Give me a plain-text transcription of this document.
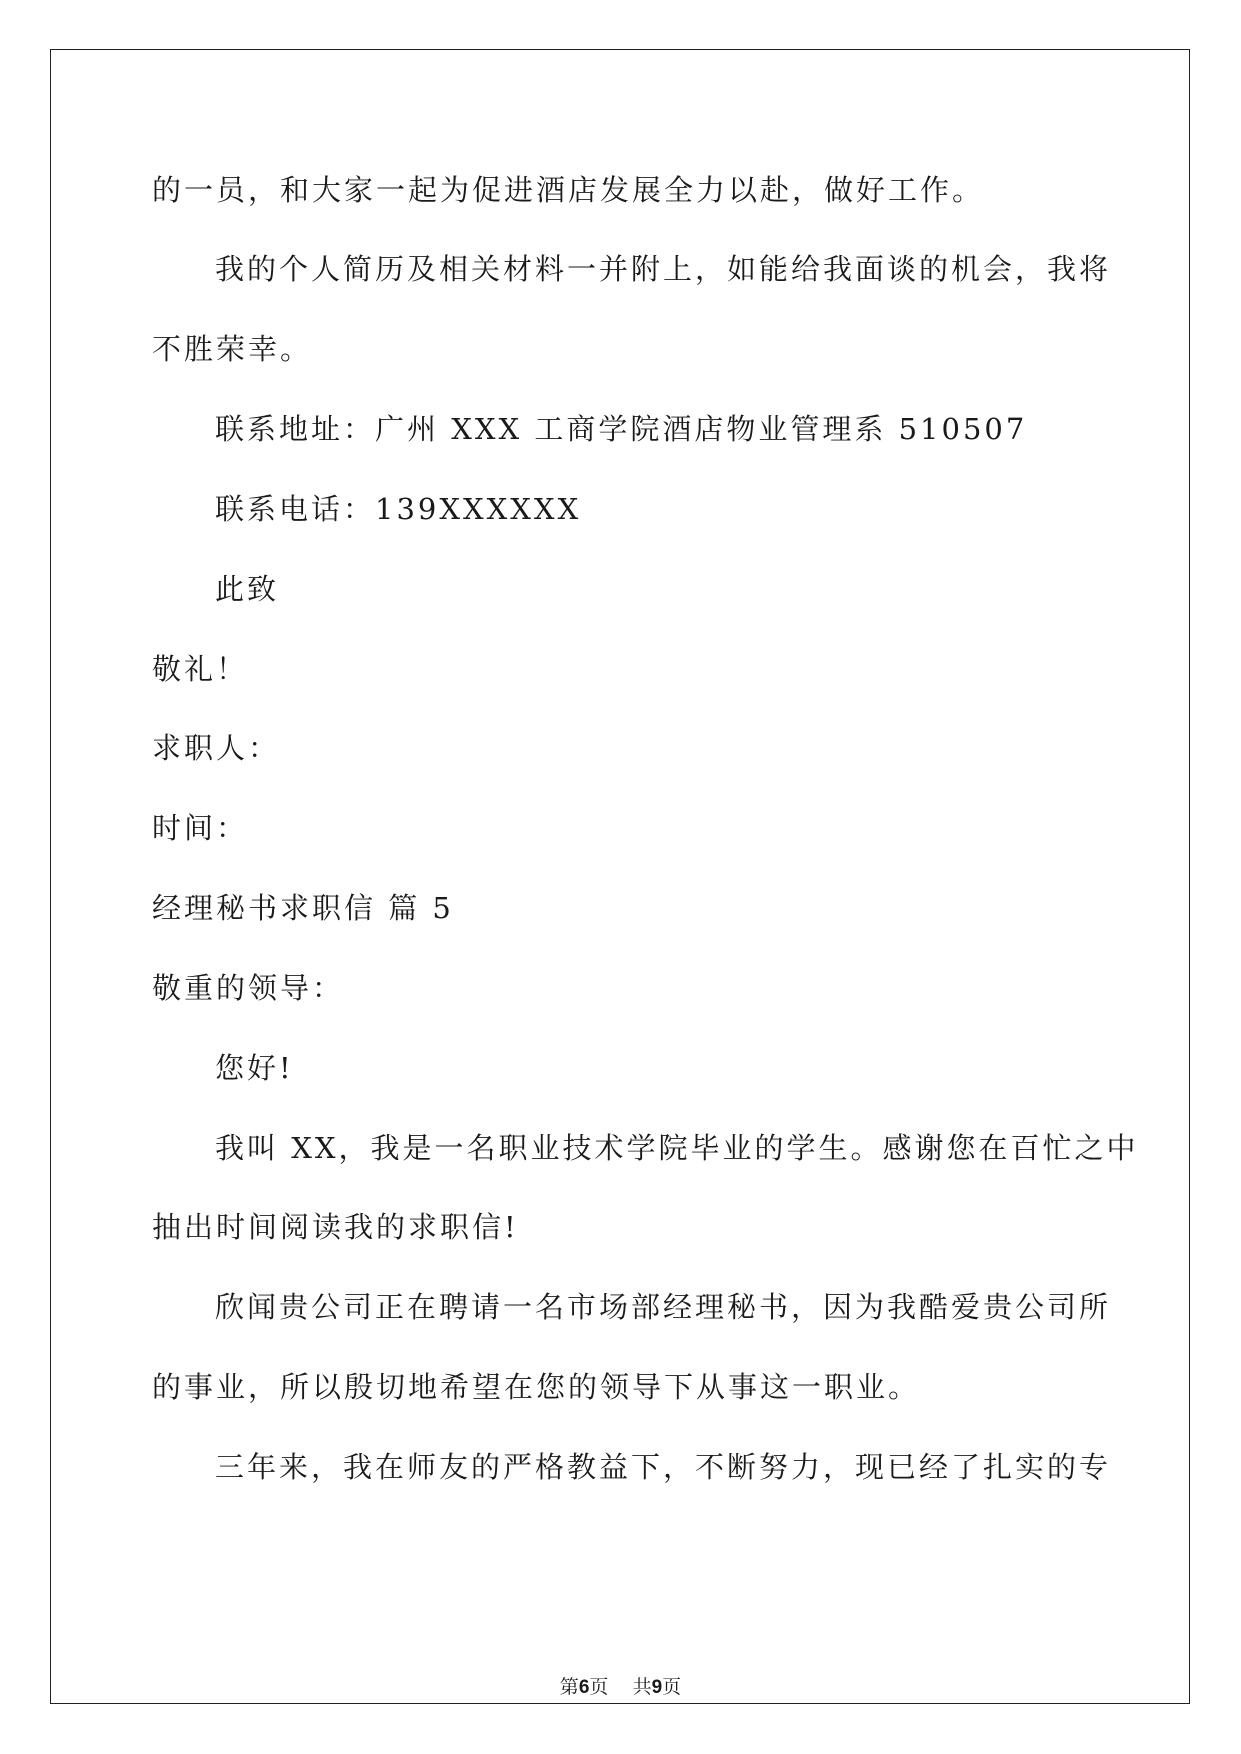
的一员，和大家一起为促进酒店发展全力以赴，做好工作。

我的个人简历及相关材料一并附上，如能给我面谈的机会，我将

不胜荣幸。

联系地址：广州 XXX 工商学院酒店物业管理系 510507

联系电话：139XXXXXX

此致

敬礼！

求职人：

时间：

经理秘书求职信 篇 5

敬重的领导：

您好!

我叫 XX，我是一名职业技术学院毕业的学生。感谢您在百忙之中

抽出时间阅读我的求职信!

欣闻贵公司正在聘请一名市场部经理秘书，因为我酷爱贵公司所

的事业，所以殷切地希望在您的领导下从事这一职业。

三年来，我在师友的严格教益下，不断努力，现已经了扎实的专

第6页 共9页
